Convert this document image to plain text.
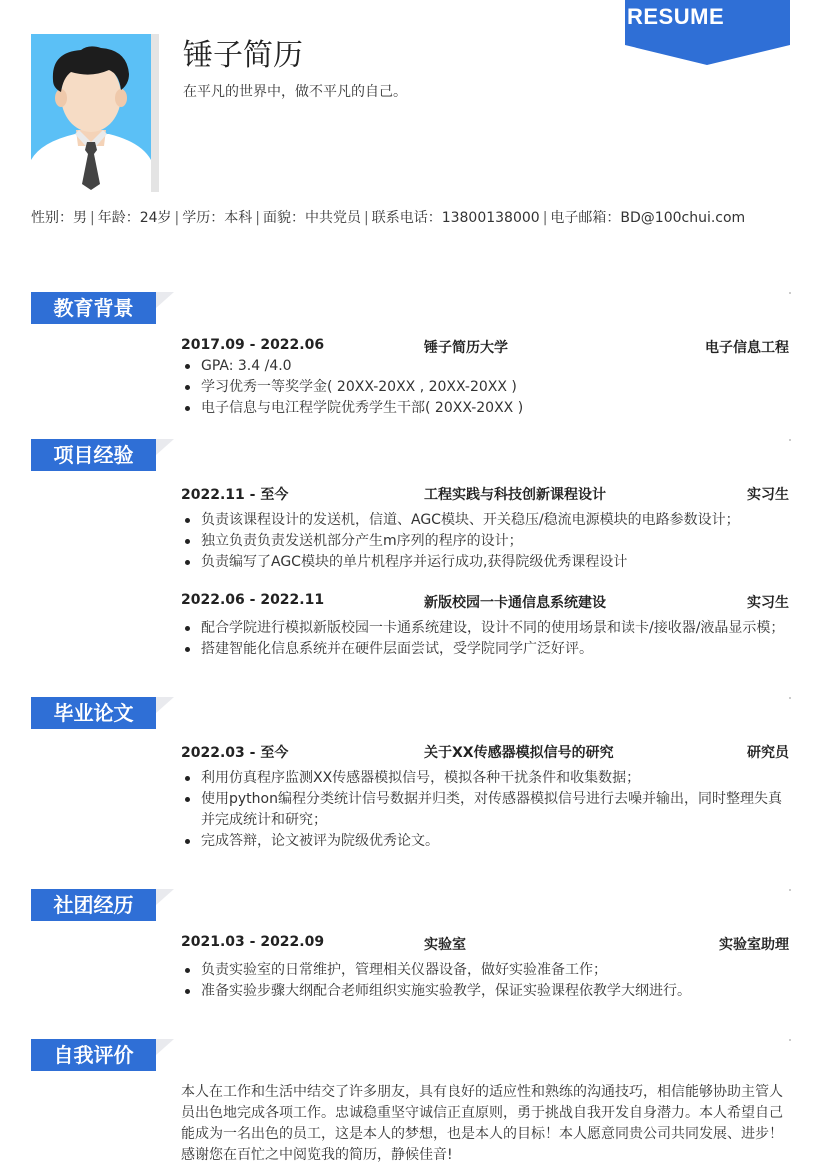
RESUME
锤子简历
在平凡的世界中，做不平凡的自己。
性别：男 | 年龄：24岁 | 学历：本科 | 面貌：中共党员 | 联系电话：13800138000 | 电子邮箱：BD@100chui.com
教育背景
2017.09 - 2022.06	锤子简历大学	电子信息工程
GPA: 3.4 /4.0
学习优秀一等奖学金( 20XX-20XX , 20XX-20XX )
电子信息与电江程学院优秀学生干部( 20XX-20XX )
项目经验
2022.11 - 至今	工程实践与科技创新课程设计	实习生
负责该课程设计的发送机，信道、AGC模块、开关稳压/稳流电源模块的电路参数设计；
独立负责负责发送机部分产生m序列的程序的设计；
负责编写了AGC模块的单片机程序并运行成功,获得院级优秀课程设计
2022.06 - 2022.11	新版校园一卡通信息系统建设	实习生
配合学院进行模拟新版校园一卡通系统建设，设计不同的使用场景和读卡/接收器/液晶显示模；
搭建智能化信息系统并在硬件层面尝试，受学院同学广泛好评。
毕业论文
2022.03 - 至今	关于XX传感器模拟信号的研究	研究员
利用仿真程序监测XX传感器模拟信号，模拟各种干扰条件和收集数据；
使用python编程分类统计信号数据并归类，对传感器模拟信号进行去噪并输出，同时整理失真并完成统计和研究；
完成答辩，论文被评为院级优秀论文。
社团经历
2021.03 - 2022.09	实验室	实验室助理
负责实验室的日常维护，管理相关仪器设备，做好实验准备工作；
准备实验步骤大纲配合老师组织实施实验教学，保证实验课程依教学大纲进行。
自我评价

本人在工作和生活中结交了许多朋友，具有良好的适应性和熟练的沟通技巧，相信能够协助主管人员出色地完成各项工作。忠诚稳重坚守诚信正直原则，勇于挑战自我开发自身潜力。本人希望自己能成为一名出色的员工，这是本人的梦想，也是本人的目标！本人愿意同贵公司共同发展、进步！感谢您在百忙之中阅览我的简历，静候佳音!
